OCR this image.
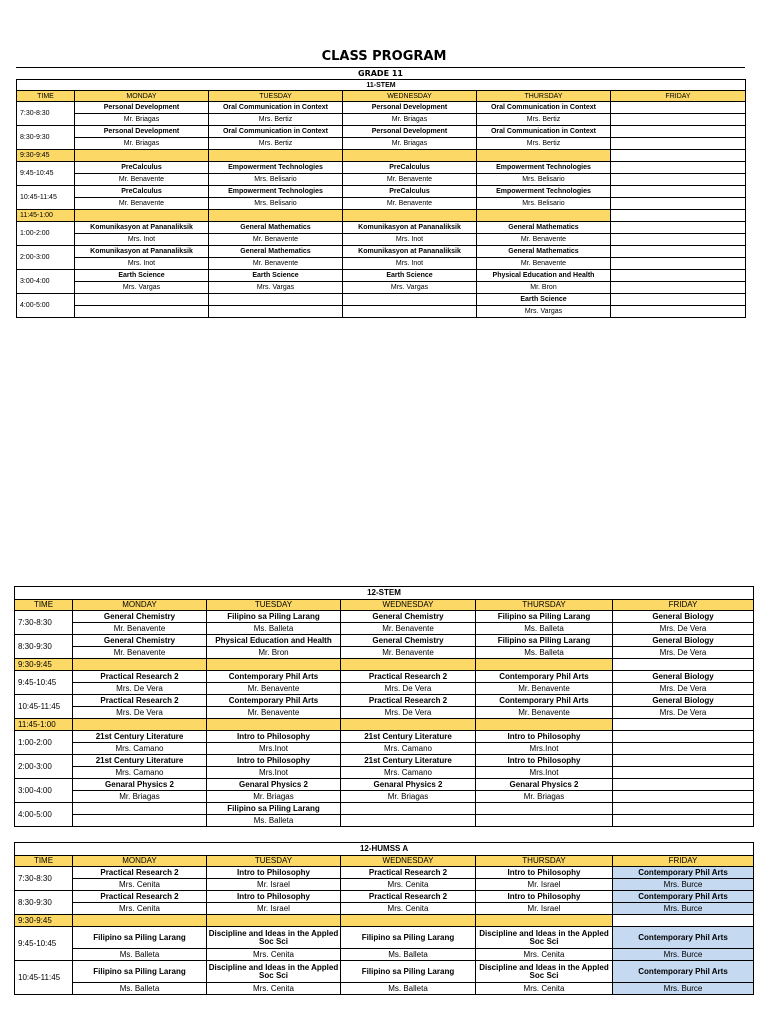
CLASS PROGRAM
GRADE 11
11-STEM					
TIME	MONDAY	TUESDAY	WEDNESDAY	THURSDAY	FRIDAY
7:30-8:30	Personal Development	Oral Communication in Context	Personal Development	Oral Communication in Context	
	Mr. Briagas	Mrs. Bertiz	Mr. Briagas	Mrs. Bertiz	
8:30-9:30	Personal Development	Oral Communication in Context	Personal Development	Oral Communication in Context	
	Mr. Briagas	Mrs. Bertiz	Mr. Briagas	Mrs. Bertiz	
9:30-9:45					
9:45-10:45	PreCalculus	Empowerment Technologies	PreCalculus	Empowerment Technologies	
	Mr. Benavente	Mrs. Belisario	Mr. Benavente	Mrs. Belisario	
10:45-11:45	PreCalculus	Empowerment Technologies	PreCalculus	Empowerment Technologies	
	Mr. Benavente	Mrs. Belisario	Mr. Benavente	Mrs. Belisario	
11:45-1:00					
1:00-2:00	Komunikasyon at Pananaliksik	General Mathematics	Komunikasyon at Pananaliksik	General Mathematics	
	Mrs. Inot	Mr. Benavente	Mrs. Inot	Mr. Benavente	
2:00-3:00	Komunikasyon at Pananaliksik	General Mathematics	Komunikasyon at Pananaliksik	General Mathematics	
	Mrs. Inot	Mr. Benavente	Mrs. Inot	Mr. Benavente	
3:00-4:00	Earth Science	Earth Science	Earth Science	Physical Education and Health	
	Mrs. Vargas	Mrs. Vargas	Mrs. Vargas	Mr. Bron	
4:00-5:00				Earth Science	
				Mrs. Vargas	
12-STEM					
TIME	MONDAY	TUESDAY	WEDNESDAY	THURSDAY	FRIDAY
7:30-8:30	General Chemistry	Filipino sa Piling Larang	General Chemistry	Filipino sa Piling Larang	General Biology
	Mr. Benavente	Ms. Balleta	Mr. Benavente	Ms. Balleta	Mrs. De Vera
8:30-9:30	General Chemistry	Physical Education and Health	General Chemistry	Filipino sa Piling Larang	General Biology
	Mr. Benavente	Mr. Bron	Mr. Benavente	Ms. Balleta	Mrs. De Vera
9:30-9:45					
9:45-10:45	Practical Research 2	Contemporary Phil Arts	Practical Research 2	Contemporary Phil Arts	General Biology
	Mrs. De Vera	Mr. Benavente	Mrs. De Vera	Mr. Benavente	Mrs. De Vera
10:45-11:45	Practical Research 2	Contemporary Phil Arts	Practical Research 2	Contemporary Phil Arts	General Biology
	Mrs. De Vera	Mr. Benavente	Mrs. De Vera	Mr. Benavente	Mrs. De Vera
11:45-1:00					
1:00-2:00	21st Century Literature	Intro to Philosophy	21st Century Literature	Intro to Philosophy	
	Mrs. Camano	Mrs.Inot	Mrs. Camano	Mrs.Inot	
2:00-3:00	21st Century Literature	Intro to Philosophy	21st Century Literature	Intro to Philosophy	
	Mrs. Camano	Mrs.Inot	Mrs. Camano	Mrs.Inot	
3:00-4:00	Genaral Physics 2	Genaral Physics 2	Genaral Physics 2	Genaral Physics 2	
	Mr. Briagas	Mr. Briagas	Mr. Briagas	Mr. Briagas	
4:00-5:00		Filipino sa Piling Larang			
		Ms. Balleta			
12-HUMSS A					
TIME	MONDAY	TUESDAY	WEDNESDAY	THURSDAY	FRIDAY
7:30-8:30	Practical Research 2	Intro to Philosophy	Practical Research 2	Intro to Philosophy	Contemporary Phil Arts
	Mrs. Cenita	Mr. Israel	Mrs. Cenita	Mr. Israel	Mrs. Burce
8:30-9:30	Practical Research 2	Intro to Philosophy	Practical Research 2	Intro to Philosophy	Contemporary Phil Arts
	Mrs. Cenita	Mr. Israel	Mrs. Cenita	Mr. Israel	Mrs. Burce
9:30-9:45					
9:45-10:45	Filipino sa Piling Larang	Discipline and Ideas in the Appled Soc Sci	Filipino sa Piling Larang	Discipline and Ideas in the Appled Soc Sci	Contemporary Phil Arts
	Ms. Balleta	Mrs. Cenita	Ms. Balleta	Mrs. Cenita	Mrs. Burce
10:45-11:45	Filipino sa Piling Larang	Discipline and Ideas in the Appled Soc Sci	Filipino sa Piling Larang	Discipline and Ideas in the Appled Soc Sci	Contemporary Phil Arts
	Ms. Balleta	Mrs. Cenita	Ms. Balleta	Mrs. Cenita	Mrs. Burce
